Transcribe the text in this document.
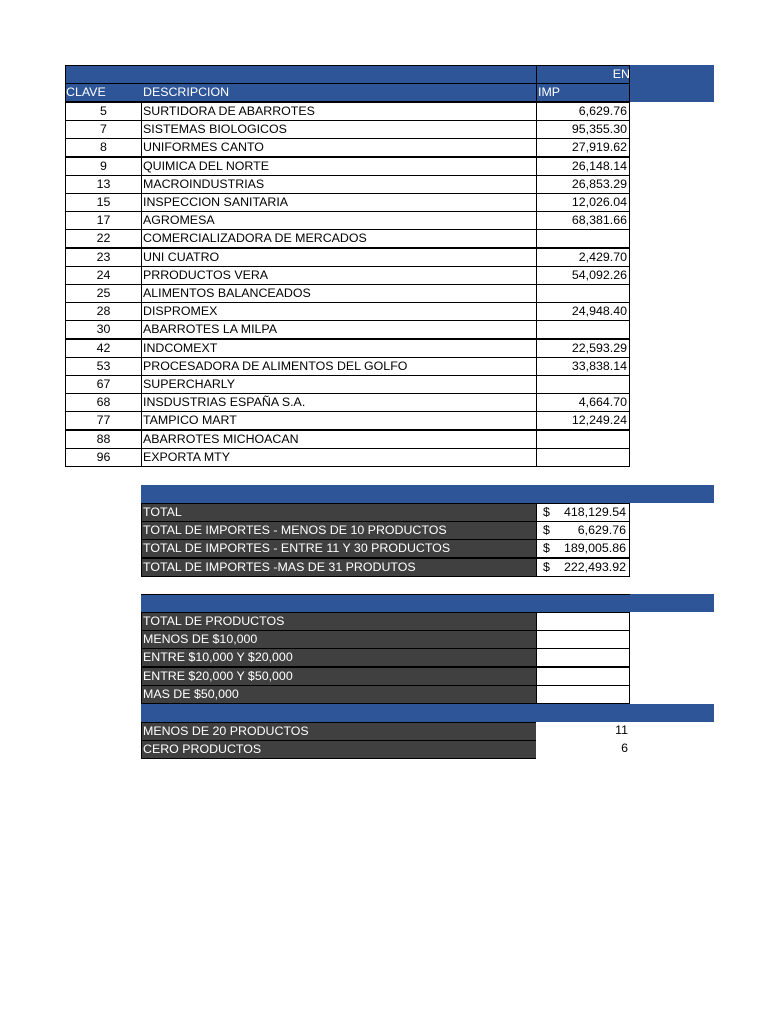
EN
CLAVE	DESCRIPCION	IMP
5	SURTIDORA DE ABARROTES	6,629.76
7	SISTEMAS BIOLOGICOS	95,355.30
8	UNIFORMES CANTO	27,919.62
9	QUIMICA DEL NORTE	26,148.14
13	MACROINDUSTRIAS	26,853.29
15	INSPECCION SANITARIA	12,026.04
17	AGROMESA	68,381.66
22	COMERCIALIZADORA DE MERCADOS
23	UNI CUATRO	2,429.70
24	PRRODUCTOS VERA	54,092.26
25	ALIMENTOS BALANCEADOS
28	DISPROMEX	24,948.40
30	ABARROTES LA MILPA
42	INDCOMEXT	22,593.29
53	PROCESADORA DE ALIMENTOS DEL GOLFO	33,838.14
67	SUPERCHARLY
68	INSDUSTRIAS ESPAÑA S.A.	4,664.70
77	TAMPICO MART	12,249.24
88	ABARROTES MICHOACAN
96	EXPORTA MTY
TOTAL	$ 418,129.54
TOTAL DE IMPORTES - MENOS DE 10 PRODUCTOS	$ 6,629.76
TOTAL DE IMPORTES - ENTRE 11 Y 30 PRODUCTOS	$ 189,005.86
TOTAL DE IMPORTES -MAS DE 31 PRODUTOS	$ 222,493.92
TOTAL DE PRODUCTOS
MENOS DE $10,000
ENTRE $10,000 Y $20,000
ENTRE $20,000 Y $50,000
MAS DE $50,000
MENOS DE 20 PRODUCTOS	11
CERO PRODUCTOS	6
